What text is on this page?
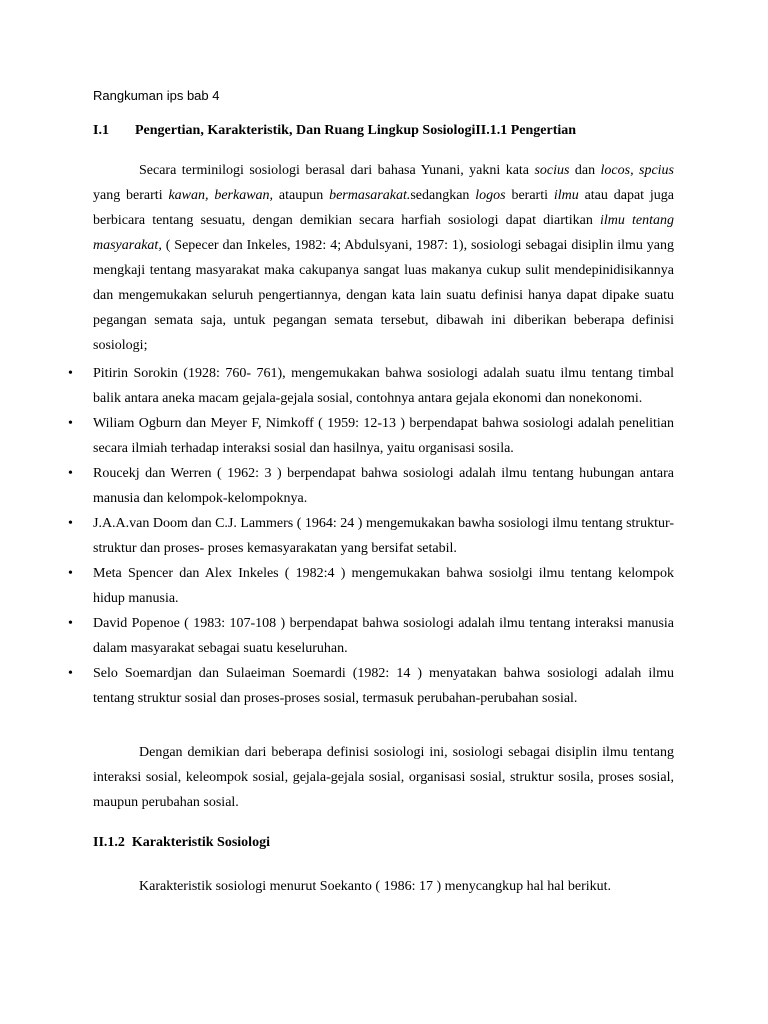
Rangkuman ips bab 4
I.1 Pengertian, Karakteristik, Dan Ruang Lingkup SosiologiII.1.1 Pengertian

Secara terminilogi sosiologi berasal dari bahasa Yunani, yakni kata socius dan locos, spcius yang berarti kawan, berkawan, ataupun bermasarakat.sedangkan logos berarti ilmu atau dapat juga berbicara tentang sesuatu, dengan demikian secara harfiah sosiologi dapat diartikan ilmu tentang masyarakat, ( Sepecer dan Inkeles, 1982: 4; Abdulsyani, 1987: 1), sosiologi sebagai disiplin ilmu yang mengkaji tentang masyarakat maka cakupanya sangat luas makanya cukup sulit mendepinidisikannya dan mengemukakan seluruh pengertiannya, dengan kata lain suatu definisi hanya dapat dipake suatu pegangan semata saja, untuk pegangan semata tersebut, dibawah ini diberikan beberapa definisi sosiologi;

• Pitirin Sorokin (1928: 760- 761), mengemukakan bahwa sosiologi adalah suatu ilmu tentang timbal balik antara aneka macam gejala-gejala sosial, contohnya antara gejala ekonomi dan nonekonomi.
• Wiliam Ogburn dan Meyer F, Nimkoff ( 1959: 12-13 ) berpendapat bahwa sosiologi adalah penelitian secara ilmiah terhadap interaksi sosial dan hasilnya, yaitu organisasi sosila.
• Roucekj dan Werren ( 1962: 3 ) berpendapat bahwa sosiologi adalah ilmu tentang hubungan antara manusia dan kelompok-kelompoknya.
• J.A.A.van Doom dan C.J. Lammers ( 1964: 24 ) mengemukakan bawha sosiologi ilmu tentang struktur- struktur dan proses- proses kemasyarakatan yang bersifat setabil.
• Meta Spencer dan Alex Inkeles ( 1982:4 ) mengemukakan bahwa sosiolgi ilmu tentang kelompok hidup manusia.
• David Popenoe ( 1983: 107-108 ) berpendapat bahwa sosiologi adalah ilmu tentang interaksi manusia dalam masyarakat sebagai suatu keseluruhan.
• Selo Soemardjan dan Sulaeiman Soemardi (1982: 14 ) menyatakan bahwa sosiologi adalah ilmu tentang struktur sosial dan proses-proses sosial, termasuk perubahan-perubahan sosial.

Dengan demikian dari beberapa definisi sosiologi ini, sosiologi sebagai disiplin ilmu tentang interaksi sosial, keleompok sosial, gejala-gejala sosial, organisasi sosial, struktur sosila, proses sosial, maupun perubahan sosial.

II.1.2 Karakteristik Sosiologi

Karakteristik sosiologi menurut Soekanto ( 1986: 17 ) menycangkup hal hal berikut.
